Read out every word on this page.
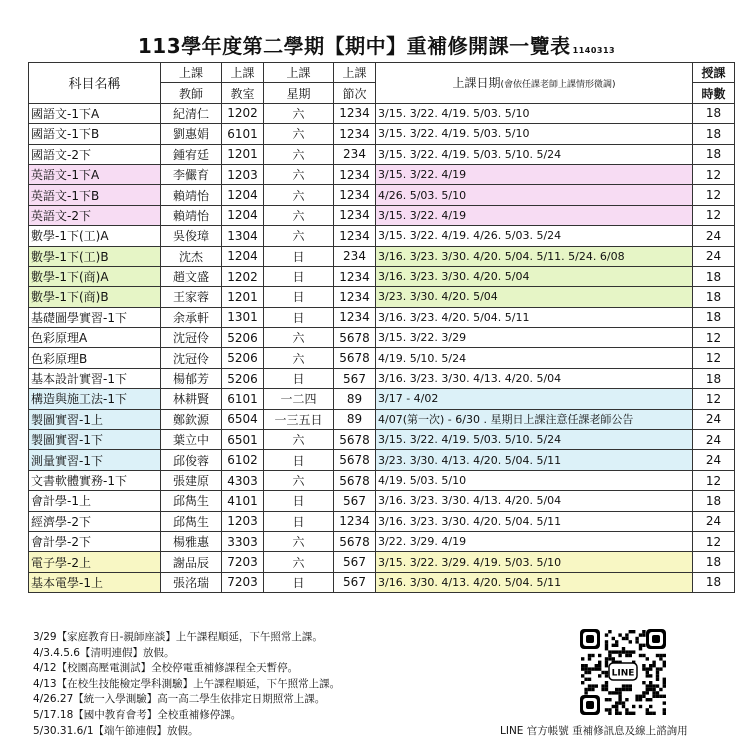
113學年度第二學期【期中】重補修開課一覽表 1140313
科目名稱	上課	上課	上課	上課	上課日期(會依任課老師上課情形微調)	授課
	教師	教室	星期	節次		時數
國語文-1下A	紀清仁	1202	六	1234	3/15. 3/22. 4/19. 5/03. 5/10	18
國語文-1下B	劉惠娟	6101	六	1234	3/15. 3/22. 4/19. 5/03. 5/10	18
國語文-2下	鍾宥廷	1201	六	234	3/15. 3/22. 4/19. 5/03. 5/10. 5/24	18
英語文-1下A	李儼育	1203	六	1234	3/15. 3/22. 4/19	12
英語文-1下B	賴靖怡	1204	六	1234	4/26. 5/03. 5/10	12
英語文-2下	賴靖怡	1204	六	1234	3/15. 3/22. 4/19	12
數學-1下(工)A	吳俊璋	1304	六	1234	3/15. 3/22. 4/19. 4/26. 5/03. 5/24	24
數學-1下(工)B	沈杰	1204	日	234	3/16. 3/23. 3/30. 4/20. 5/04. 5/11. 5/24. 6/08	24
數學-1下(商)A	趙文盛	1202	日	1234	3/16. 3/23. 3/30. 4/20. 5/04	18
數學-1下(商)B	王家蓉	1201	日	1234	3/23. 3/30. 4/20. 5/04	18
基礎圖學實習-1下	余承軒	1301	日	1234	3/16. 3/23. 4/20. 5/04. 5/11	18
色彩原理A	沈冠伶	5206	六	5678	3/15. 3/22. 3/29	12
色彩原理B	沈冠伶	5206	六	5678	4/19. 5/10. 5/24	12
基本設計實習-1下	楊郁芳	5206	日	567	3/16. 3/23. 3/30. 4/13. 4/20. 5/04	18
構造與施工法-1下	林耕賢	6101	一二四	89	3/17 - 4/02	12
製圖實習-1上	鄭欽源	6504	一三五日	89	4/07(第一次) - 6/30 . 星期日上課注意任課老師公告	24
製圖實習-1下	葉立中	6501	六	5678	3/15. 3/22. 4/19. 5/03. 5/10. 5/24	24
測量實習-1下	邱俊蓉	6102	日	5678	3/23. 3/30. 4/13. 4/20. 5/04. 5/11	24
文書軟體實務-1下	張建原	4303	六	5678	4/19. 5/03. 5/10	12
會計學-1上	邱雋生	4101	日	567	3/16. 3/23. 3/30. 4/13. 4/20. 5/04	18
經濟學-2下	邱雋生	1203	日	1234	3/16. 3/23. 3/30. 4/20. 5/04. 5/11	24
會計學-2下	楊雅惠	3303	六	5678	3/22. 3/29. 4/19	12
電子學-2上	謝品辰	7203	六	567	3/15. 3/22. 3/29. 4/19. 5/03. 5/10	18
基本電學-1上	張洺瑞	7203	日	567	3/16. 3/30. 4/13. 4/20. 5/04. 5/11	18
3/29【家庭教育日-親師座談】上午課程順延，下午照常上課。
4/3.4.5.6【清明連假】放假。
4/12【校園高壓電測試】全校停電重補修課程全天暫停。
4/13【在校生技能檢定學科測驗】上午課程順延，下午照常上課。
4/26.27【統一入學測驗】高一高二學生依排定日期照常上課。
5/17.18【國中教育會考】全校重補修停課。
5/30.31.6/1【端午節連假】放假。
LINE
LINE 官方帳號 重補修訊息及線上諮詢用
